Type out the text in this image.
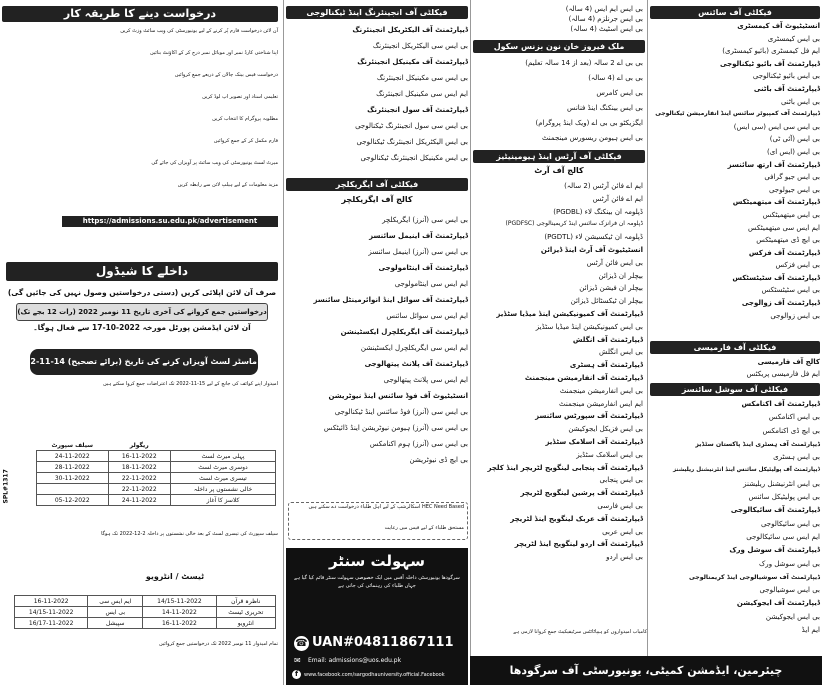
درخواست دینے کا طریقہ کار
آن لائن درخواست فارم پُر کرنے کے لیے یونیورسٹی کی ویب سائٹ وزٹ کریں
اپنا شناختی کارڈ نمبر اور موبائل نمبر درج کر کے اکاؤنٹ بنائیں
درخواست فیس بینک چالان کے ذریعے جمع کروائیں
تعلیمی اسناد اور تصویر اپ لوڈ کریں
مطلوبہ پروگرام کا انتخاب کریں
فارم مکمل کر کے جمع کروائیں
میرٹ لسٹ یونیورسٹی کی ویب سائٹ پر آویزاں کی جائے گی
مزید معلومات کے لیے ہیلپ لائن سے رابطہ کریں
https://admissions.su.edu.pk/advertisement
داخلے کا شیڈول
صرف آن لائن اپلائی کریں (دستی درخواستیں وصول نہیں کی جائیں گی)
درخواستیں جمع کروانے کی آخری تاریخ 11 نومبر 2022 (رات 12 بجے تک)
آن لائن ایڈمشن پورٹل مورخہ 2022-10-17 سے فعال ہوگا۔
ماسٹر لسٹ آویزاں کرنے کی تاریخ (برائے تصحیح) 14-11-2022
امیدوار اپنے کوائف کی جانچ کے لیے 15-11-2022 تک اعتراضات جمع کروا سکتے ہیں
SPL#1317
سیلف سپورٹ	ریگولر	
24-11-2022	16-11-2022	پہلی میرٹ لسٹ
28-11-2022	18-11-2022	دوسری میرٹ لسٹ
30-11-2022	22-11-2022	تیسری میرٹ لسٹ
	22-11-2022	خالی نشستوں پر داخلہ
05-12-2022	24-11-2022	کلاسز کا آغاز
سیلف سپورٹ کی تیسری لسٹ کے بعد خالی نشستوں پر داخلہ 2-12-2022 تک ہوگا
ٹیسٹ / انٹرویو
16-11-2022	ایم ایس سی	14/15-11-2022	ناظرہ قرآن
14/15-11-2022	بی ایس	14-11-2022	تحریری ٹیسٹ
16/17-11-2022	سپیشل	16-11-2022	انٹرویو
تمام امیدوار 11 نومبر 2022 تک درخواستیں جمع کروائیں
فیکلٹی آف انجینئرنگ اینڈ ٹیکنالوجی
ڈیپارٹمنٹ آف الیکٹریکل انجینئرنگ
بی ایس سی الیکٹریکل انجینئرنگ
ڈیپارٹمنٹ آف مکینیکل انجینئرنگ
بی ایس سی مکینیکل انجینئرنگ
ایم ایس سی مکینیکل انجینئرنگ
ڈیپارٹمنٹ آف سول انجینئرنگ
بی ایس سی سول انجینئرنگ ٹیکنالوجی
بی ایس الیکٹریکل انجینئرنگ ٹیکنالوجی
بی ایس مکینیکل انجینئرنگ ٹیکنالوجی
فیکلٹی آف ایگریکلچر
کالج آف ایگریکلچر
بی ایس سی (آنرز) ایگریکلچر
ڈیپارٹمنٹ آف اینیمل سائنسز
بی ایس سی (آنرز) اینیمل سائنسز
ڈیپارٹمنٹ آف اینٹامولوجی
ایم ایس سی اینٹامولوجی
ڈیپارٹمنٹ آف سوائل اینڈ انوائرمینٹل سائنسز
ایم ایس سی سوائل سائنس
ڈیپارٹمنٹ آف ایگریکلچرل ایکسٹینشن
ایم ایس سی ایگریکلچرل ایکسٹینشن
ڈیپارٹمنٹ آف پلانٹ پیتھالوجی
ایم ایس سی پلانٹ پیتھالوجی
انسٹیٹیوٹ آف فوڈ سائنس اینڈ نیوٹریشن
بی ایس سی (آنرز) فوڈ سائنس اینڈ ٹیکنالوجی
بی ایس سی (آنرز) ہیومن نیوٹریشن اینڈ ڈائیٹکس
بی ایس سی (آنرز) ہوم اکنامکس
بی ایچ ڈی نیوٹریشن
HEC Need Based اسکالرشپ کے لیے اہل طلباء درخواست دے سکتے ہیں
مستحق طلباء کے لیے فیس میں رعایت
سہولت سنٹر
سرگودھا یونیورسٹی داخلہ آفس میں ایک خصوصی سہولت سنٹر قائم کیا گیا ہے جہاں طلباء کی رہنمائی کی جاتی ہے
☎ UAN#04811867111
✉ Email: admissions@uos.edu.pk
f	www.facebook.com/sargodhauniversity.official.Facebook
بی ایس ایم ایس (4 سالہ)
بی ایس جرنلزم (4 سالہ)
بی ایس اسٹیٹ (4 سالہ)
ملک فیروز خان نون بزنس سکول
بی بی اے 2 سالہ (بعد از 14 سالہ تعلیم)
بی بی اے (4 سالہ)
بی ایس کامرس
بی ایس بینکنگ اینڈ فنانس
ایگزیکٹو بی بی اے (ویک اینڈ پروگرام)
بی ایس ہیومن ریسورس مینجمنٹ
فیکلٹی آف آرٹس اینڈ ہیومینیٹیز
کالج آف آرٹ
ایم اے فائن آرٹس (2 سالہ)
ایم اے فائن آرٹس
ڈپلومہ ان بینکنگ لاء (PGDBL)
ڈپلومہ ان فرانزک سائنس اینڈ کریمینالوجی (PGDFSC)
ڈپلومہ ان ٹیکسیشن لاء (PGDTL)
انسٹیٹیوٹ آف آرٹ اینڈ ڈیزائن
بی ایس فائن آرٹس
بیچلر ان ڈیزائن
بیچلر ان فیشن ڈیزائن
بیچلر ان ٹیکسٹائل ڈیزائن
ڈیپارٹمنٹ آف کمیونیکیشن اینڈ میڈیا سٹڈیز
بی ایس کمیونیکیشن اینڈ میڈیا سٹڈیز
ڈیپارٹمنٹ آف انگلش
بی ایس انگلش
ڈیپارٹمنٹ آف ہسٹری
ڈیپارٹمنٹ آف انفارمیشن مینجمنٹ
بی ایس انفارمیشن مینجمنٹ
ایم ایس انفارمیشن مینجمنٹ
ڈیپارٹمنٹ آف سپورٹس سائنسز
بی ایس فزیکل ایجوکیشن
ڈیپارٹمنٹ آف اسلامک سٹڈیز
بی ایس اسلامک سٹڈیز
ڈیپارٹمنٹ آف پنجابی لینگویج لٹریچر اینڈ کلچر
بی ایس پنجابی
ڈیپارٹمنٹ آف پرشین لینگویج لٹریچر
بی ایس فارسی
ڈیپارٹمنٹ آف عربک لینگویج اینڈ لٹریچر
بی ایس عربی
ڈیپارٹمنٹ آف اردو لینگویج اینڈ لٹریچر
بی ایس اردو
فیکلٹی آف سائنس
انسٹیٹیوٹ آف کیمسٹری
بی ایس کیمسٹری
ایم فل کیمسٹری (بائیو کیمسٹری)
ڈیپارٹمنٹ آف بائیو ٹیکنالوجی
بی ایس بائیو ٹیکنالوجی
ڈیپارٹمنٹ آف باٹنی
بی ایس باٹنی
ڈیپارٹمنٹ آف کمپیوٹر سائنس اینڈ انفارمیشن ٹیکنالوجی
بی ایس سی ایس (سی ایس)
بی ایس (آئی ٹی)
بی ایس (ایس ای)
ڈیپارٹمنٹ آف ارتھ سائنسز
بی ایس جیو گرافی
بی ایس جیولوجی
ڈیپارٹمنٹ آف میتھمیٹکس
بی ایس میتھمیٹکس
ایم ایس سی میتھمیٹکس
بی ایچ ڈی میتھمیٹکس
ڈیپارٹمنٹ آف فزکس
بی ایس فزکس
ڈیپارٹمنٹ آف سٹیٹسٹکس
بی ایس سٹیٹسٹکس
ڈیپارٹمنٹ آف زوالوجی
بی ایس زوالوجی
فیکلٹی آف فارمیسی
کالج آف فارمیسی
ایم فل فارمیسی پریکٹس
فیکلٹی آف سوشل سائنسز
ڈیپارٹمنٹ آف اکنامکس
بی ایس اکنامکس
بی ایچ ڈی اکنامکس
ڈیپارٹمنٹ آف ہسٹری اینڈ پاکستان سٹڈیز
بی ایس ہسٹری
ڈیپارٹمنٹ آف پولیٹیکل سائنس اینڈ انٹرنیشنل ریلیشنز
بی ایس انٹرنیشنل ریلیشنز
بی ایس پولیٹیکل سائنس
ڈیپارٹمنٹ آف سائیکالوجی
بی ایس سائیکالوجی
ایم ایس سی سائیکالوجی
ڈیپارٹمنٹ آف سوشل ورک
بی ایس سوشل ورک
ڈیپارٹمنٹ آف سوشیالوجی اینڈ کریمنالوجی
بی ایس سوشیالوجی
ڈیپارٹمنٹ آف ایجوکیشن
بی ایس ایجوکیشن
ایم ایڈ
کامیاب امیدواروں کو ہیپاٹائٹس سرٹیفیکیٹ جمع کروانا لازمی ہے
چیئرمین، ایڈمشن کمیٹی، یونیورسٹی آف سرگودھا
